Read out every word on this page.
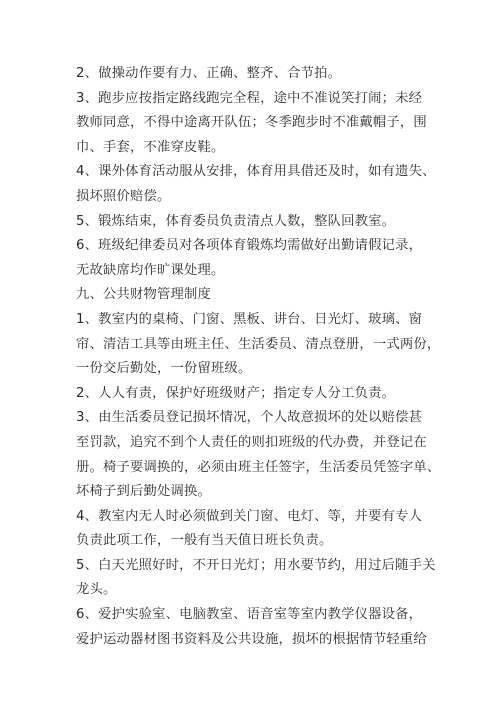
2、做操动作要有力、正确、整齐、合节拍。

3、跑步应按指定路线跑完全程，途中不准说笑打闹；未经
教师同意，不得中途离开队伍；冬季跑步时不准戴帽子，围
巾、手套，不准穿皮鞋。

4、课外体育活动服从安排，体育用具借还及时，如有遗失、
损坏照价赔偿。

5、锻炼结束，体育委员负责清点人数，整队回教室。

6、班级纪律委员对各项体育锻炼均需做好出勤请假记录，
无故缺席均作旷课处理。

九、公共财物管理制度

1、教室内的桌椅、门窗、黑板、讲台、日光灯、玻璃、窗
帘、清洁工具等由班主任、生活委员、清点登册，一式两份，
一份交后勤处，一份留班级。

2、人人有责，保护好班级财产；指定专人分工负责。

3、由生活委员登记损坏情况，个人故意损坏的处以赔偿甚
至罚款，追究不到个人责任的则扣班级的代办费，并登记在
册。椅子要调换的，必须由班主任签字，生活委员凭签字单、
坏椅子到后勤处调换。

4、教室内无人时必须做到关门窗、电灯、等，并要有专人
负责此项工作，一般有当天值日班长负责。

5、白天光照好时，不开日光灯；用水要节约，用过后随手关
龙头。

6、爱护实验室、电脑教室、语音室等室内教学仪器设备，
爱护运动器材图书资料及公共设施，损坏的根据情节轻重给
